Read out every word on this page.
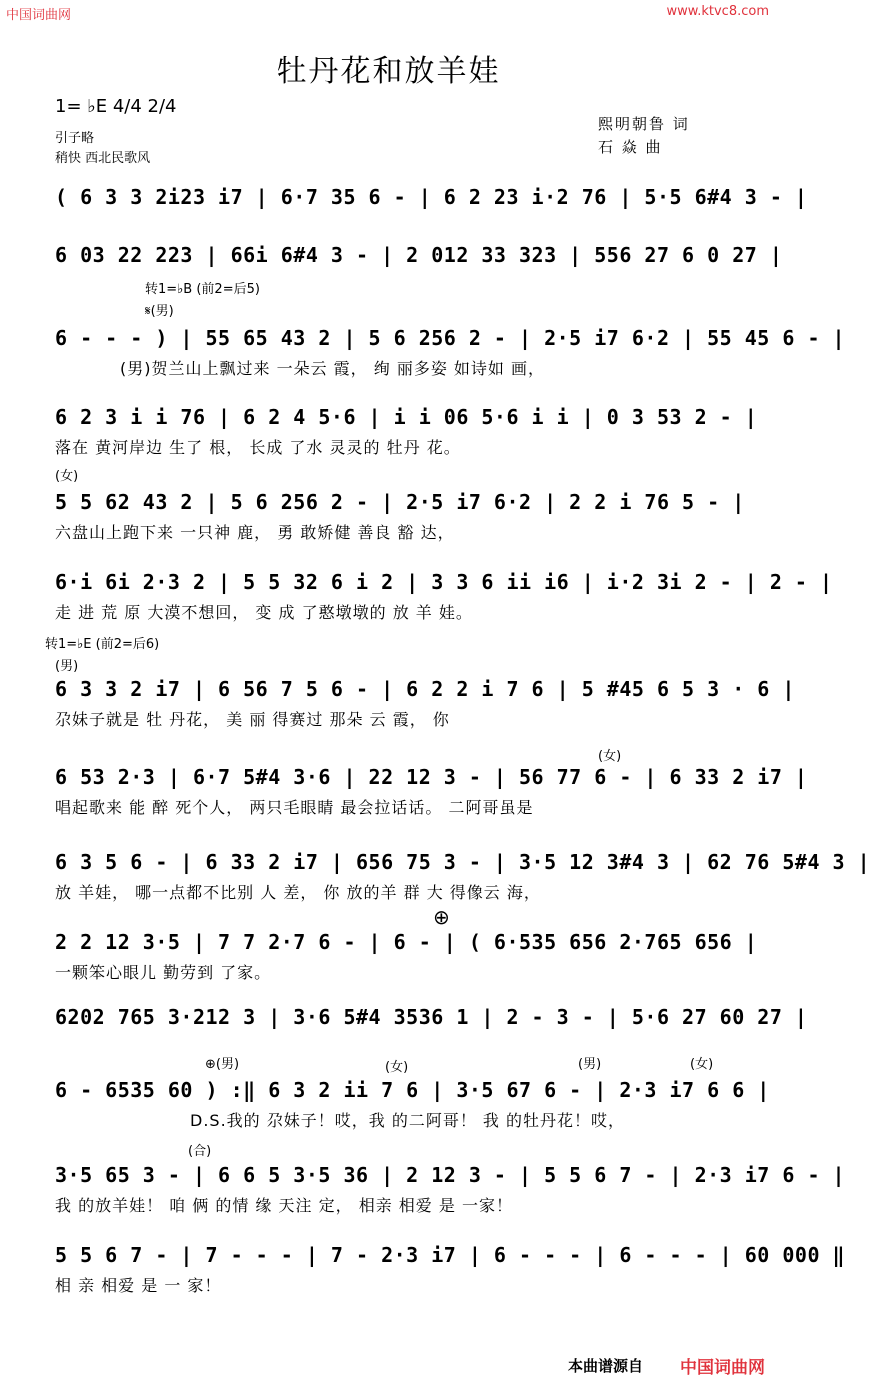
中国词曲网	www.ktvc8.com
牡丹花和放羊娃
1= ♭E 4/4 2/4
引子略
稍快 西北民歌风
熙明朝鲁 词
石 焱 曲
转1=♭B (前2=后5)
𝄋(男)
(女)
转1=♭E (前2=后6)
(男)
(女)
⊕
⊕(男)	(女)	(男)	(女)
(合)
( 6 3 3 2i23 i7 | 6·7 35 6 - | 6 2 23 i·2 76 | 5·5 6#4 3 - |
6 03 22 223 | 66i 6#4 3 - | 2 012 33 323 | 556 27 6 0 27 |
6 - - - ) | 55 65 43 2 | 5 6 256 2 - | 2·5 i7 6·2 | 55 45 6 - |
(男)贺兰山上飘过来 一朵云 霞， 绚 丽多姿 如诗如 画，
6 2 3 i i 76 | 6 2 4 5·6 | i i 06 5·6 i i | 0 3 53 2 - |
落在 黄河岸边 生了 根， 长成 了水 灵灵的 牡丹 花。
5 5 62 43 2 | 5 6 256 2 - | 2·5 i7 6·2 | 2 2 i 76 5 - |
六盘山上跑下来 一只神 鹿， 勇 敢矫健 善良 豁 达，
6·i 6i 2·3 2 | 5 5 32 6 i 2 | 3 3 6 ii i6 | i·2 3i 2 - | 2 - |
走 进 荒 原 大漠不想回， 变 成 了憨墩墩的 放 羊 娃。
6 3 3 2 i7 | 6 56 7 5 6 - | 6 2 2 i 7 6 | 5 #45 6 5 3 · 6 |
尕妹子就是 牡 丹花， 美 丽 得赛过 那朵 云 霞， 你
6 53 2·3 | 6·7 5#4 3·6 | 22 12 3 - | 56 77 6 - | 6 33 2 i7 |
唱起歌来 能 醉 死个人， 两只毛眼睛 最会拉话话。 二阿哥虽是
6 3 5 6 - | 6 33 2 i7 | 656 75 3 - | 3·5 12 3#4 3 | 62 76 5#4 3 |
放 羊娃， 哪一点都不比别 人 差， 你 放的羊 群 大 得像云 海，
2 2 12 3·5 | 7 7 2·7 6 - | 6 - | ( 6·535 656 2·765 656 |
一颗笨心眼儿 勤劳到 了家。
6202 765 3·212 3 | 3·6 5#4 3536 1 | 2 - 3 - | 5·6 27 60 27 |
6 - 6535 60 ) :‖ 6 3 2 ii 7 6 | 3·5 67 6 - | 2·3 i7 6 6 |
D.S.我的 尕妹子！哎，我 的二阿哥！ 我 的牡丹花！哎，
3·5 65 3 - | 6 6 5 3·5 36 | 2 12 3 - | 5 5 6 7 - | 2·3 i7 6 - |
我 的放羊娃！ 咱 俩 的情 缘 天注 定， 相亲 相爱 是 一家！
5 5 6 7 - | 7 - - - | 7 - 2·3 i7 | 6 - - - | 6 - - - | 60 000 ‖
相 亲 相爱 是 一 家！
本曲谱源自 中国词曲网
